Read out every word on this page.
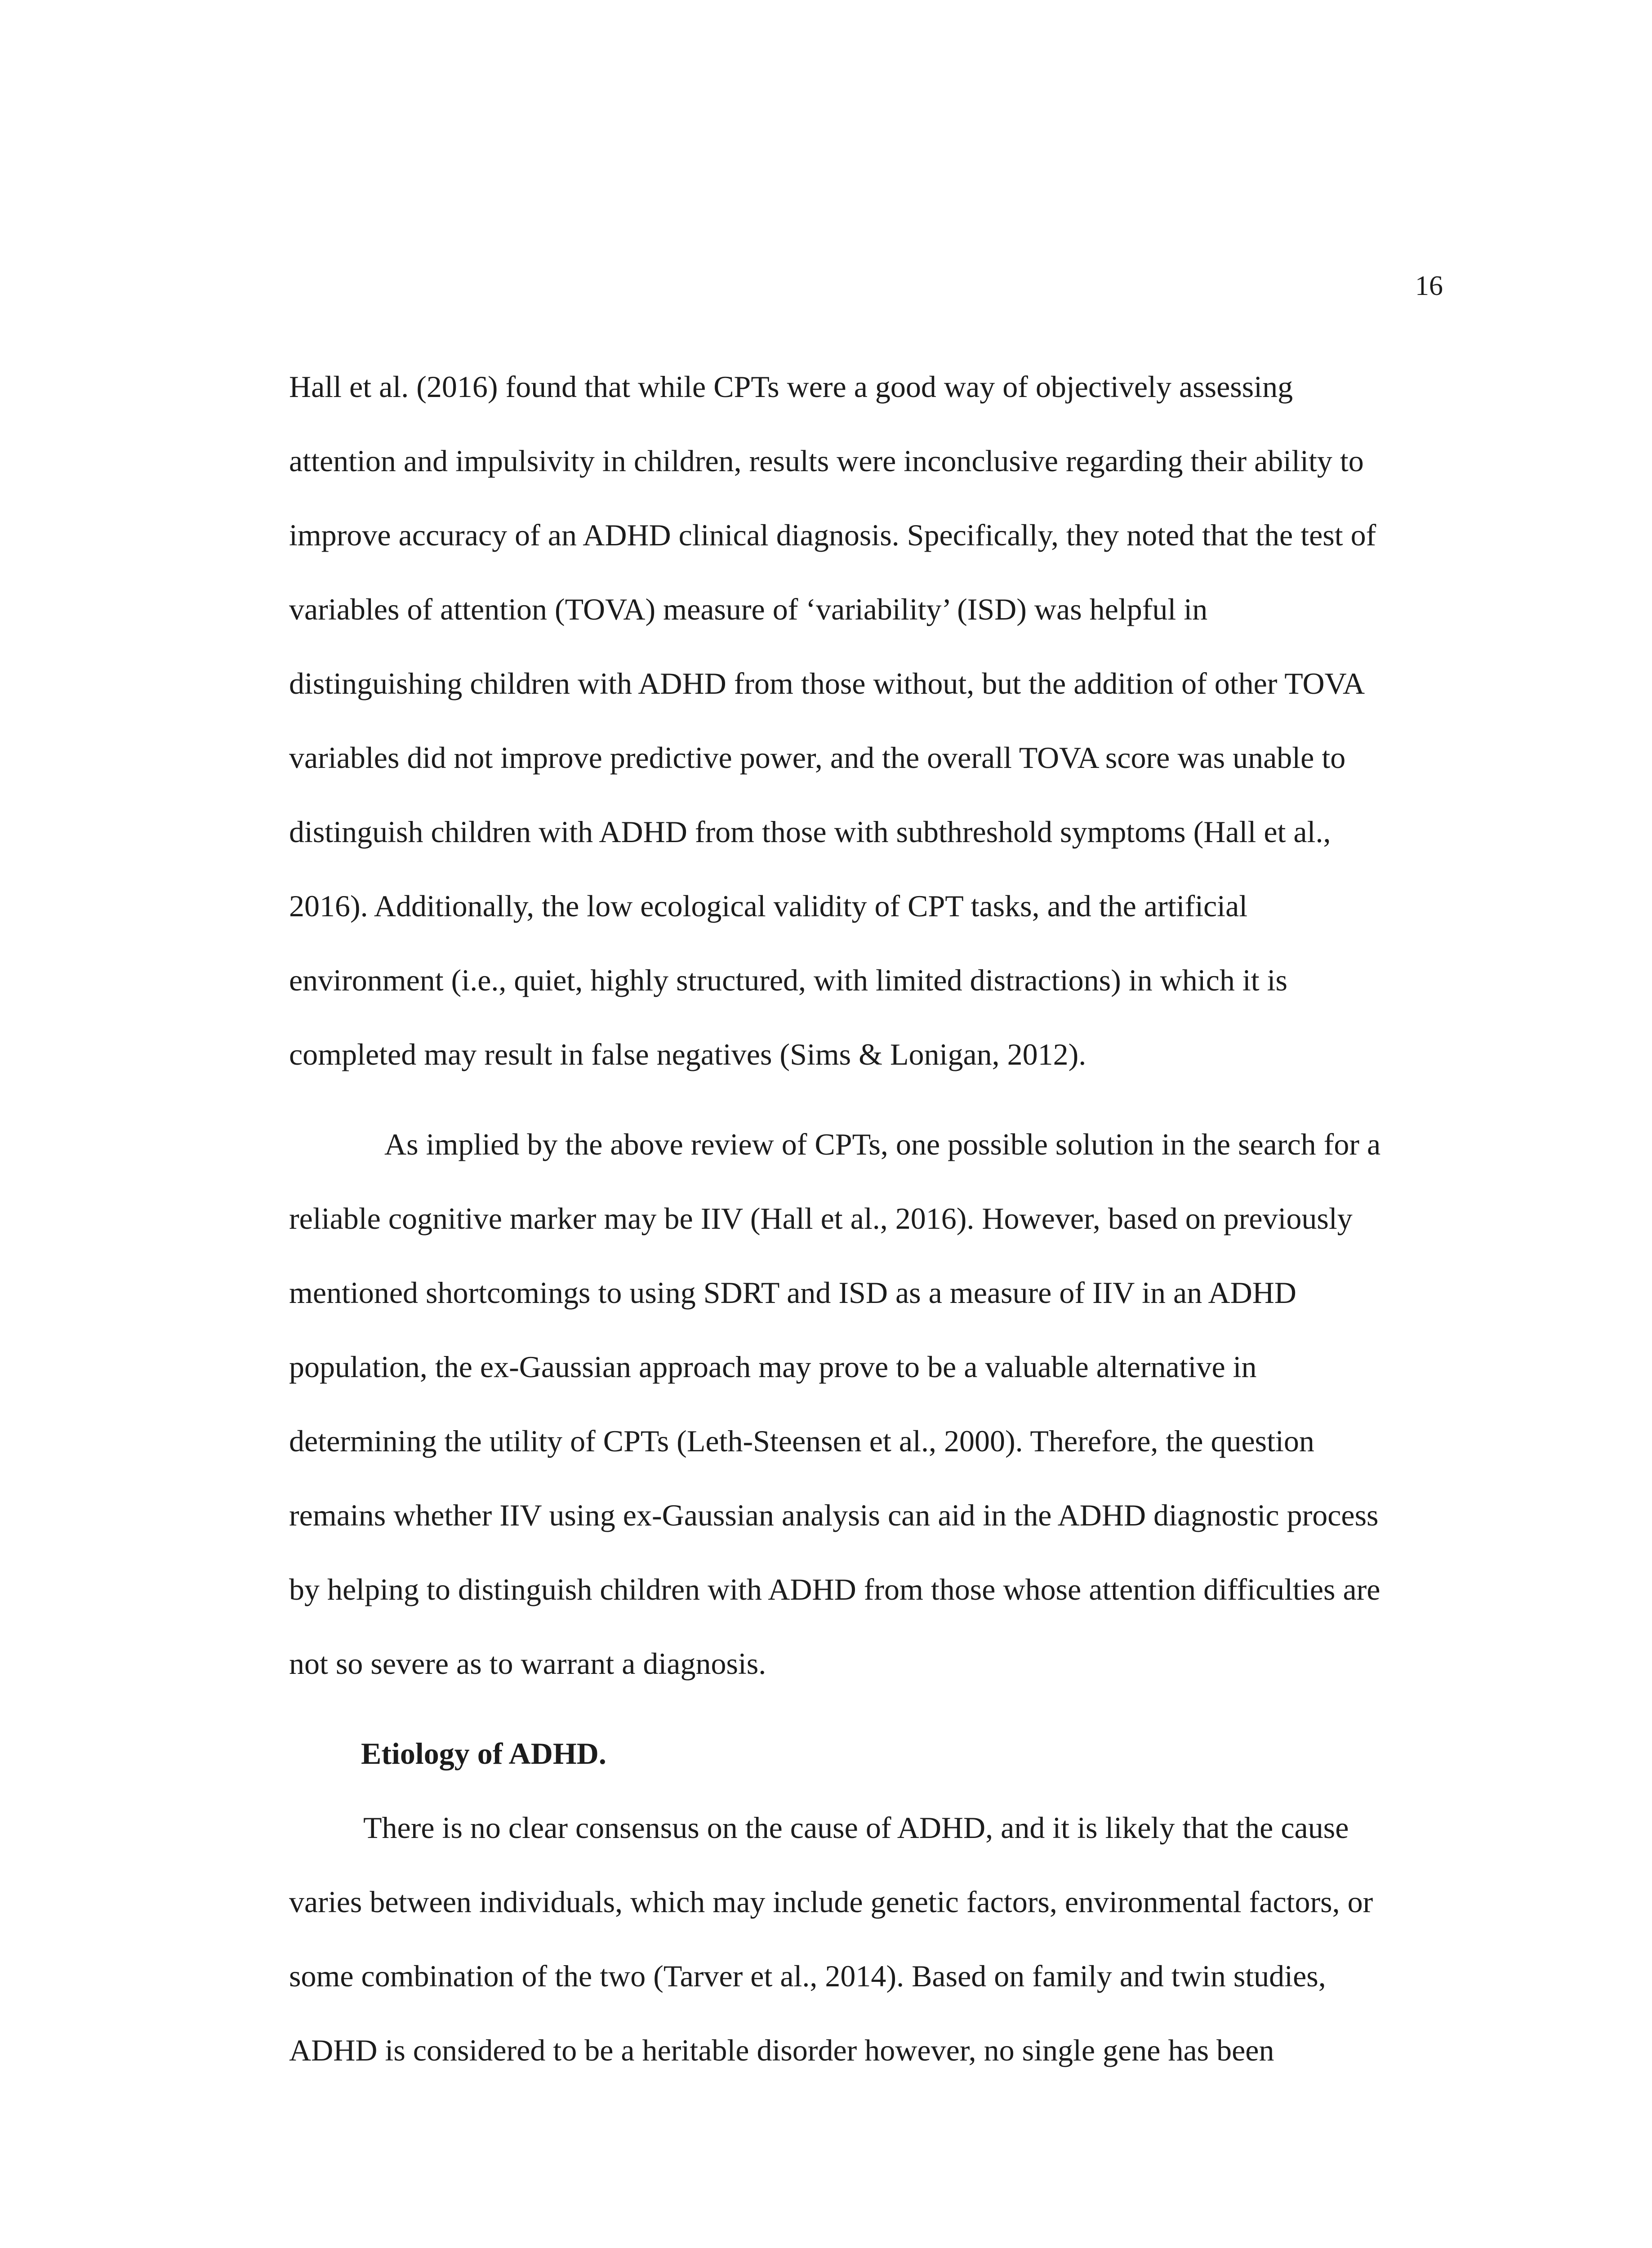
16
Hall et al. (2016) found that while CPTs were a good way of objectively assessing
attention and impulsivity in children, results were inconclusive regarding their ability to
improve accuracy of an ADHD clinical diagnosis. Specifically, they noted that the test of
variables of attention (TOVA) measure of ‘variability’ (ISD) was helpful in
distinguishing children with ADHD from those without, but the addition of other TOVA
variables did not improve predictive power, and the overall TOVA score was unable to
distinguish children with ADHD from those with subthreshold symptoms (Hall et al.,
2016). Additionally, the low ecological validity of CPT tasks, and the artificial
environment (i.e., quiet, highly structured, with limited distractions) in which it is
completed may result in false negatives (Sims & Lonigan, 2012).
As implied by the above review of CPTs, one possible solution in the search for a
reliable cognitive marker may be IIV (Hall et al., 2016). However, based on previously
mentioned shortcomings to using SDRT and ISD as a measure of IIV in an ADHD
population, the ex-Gaussian approach may prove to be a valuable alternative in
determining the utility of CPTs (Leth-Steensen et al., 2000). Therefore, the question
remains whether IIV using ex-Gaussian analysis can aid in the ADHD diagnostic process
by helping to distinguish children with ADHD from those whose attention difficulties are
not so severe as to warrant a diagnosis.
Etiology of ADHD.
There is no clear consensus on the cause of ADHD, and it is likely that the cause
varies between individuals, which may include genetic factors, environmental factors, or
some combination of the two (Tarver et al., 2014). Based on family and twin studies,
ADHD is considered to be a heritable disorder however, no single gene has been
